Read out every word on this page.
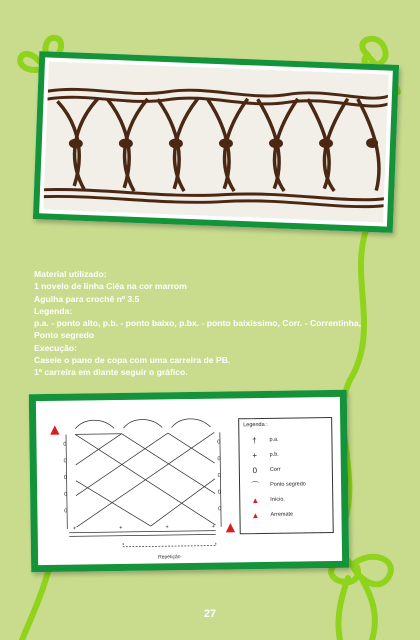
Material utilizado:
1 novelo de linha Cléa na cor marrom
Agulha para crochê nº 3.5
Legenda:
p.a. - ponto alto, p.b. - ponto baixo, p.bx. - ponto baixíssimo, Corr. - Correntinha,
Ponto segredo
Execução:
Caseie o pano de copa com uma carreira de PB.
1ª carreira em diante seguir o gráfico.
0
0
0
0
0
0
0
0
0
0
+	+	+	+
Repetição
Legenda :
†	p.a.
+	p.b.
0	Corr
⌒	Ponto segredo
▲	Início.
▲	Arremate
27
